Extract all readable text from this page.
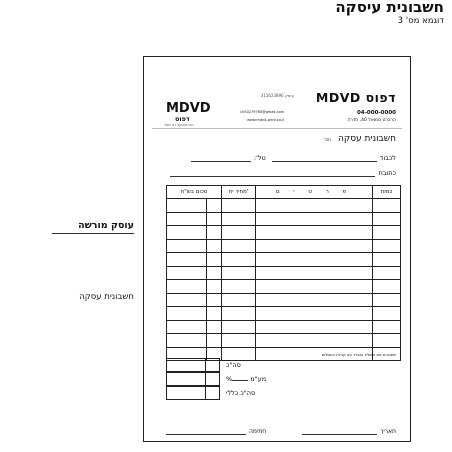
חשבונית עיסקה
דוגמא מס' 3
עוסק מורשה
חשבונית עסקה
MDVD דפוס
עוסק 311623896
04-000-0000
הרברט סמואל 40, חדרה
c050279760@gmail.com
www.mdvd-print.co.il
MDVD
דפוס
כמו אתמול רק מחר
חשבונית עסקה מס'
לכבוד
טל':
כתובת
סכום בש"ח		מחיר יח'	פ ר ט י ם	כמות

חשבונית מס תישלח בנפרד עם קבלת התשלום
סה"כ
מע"מ %
סה"כ כללי
תאריך
חתימה
